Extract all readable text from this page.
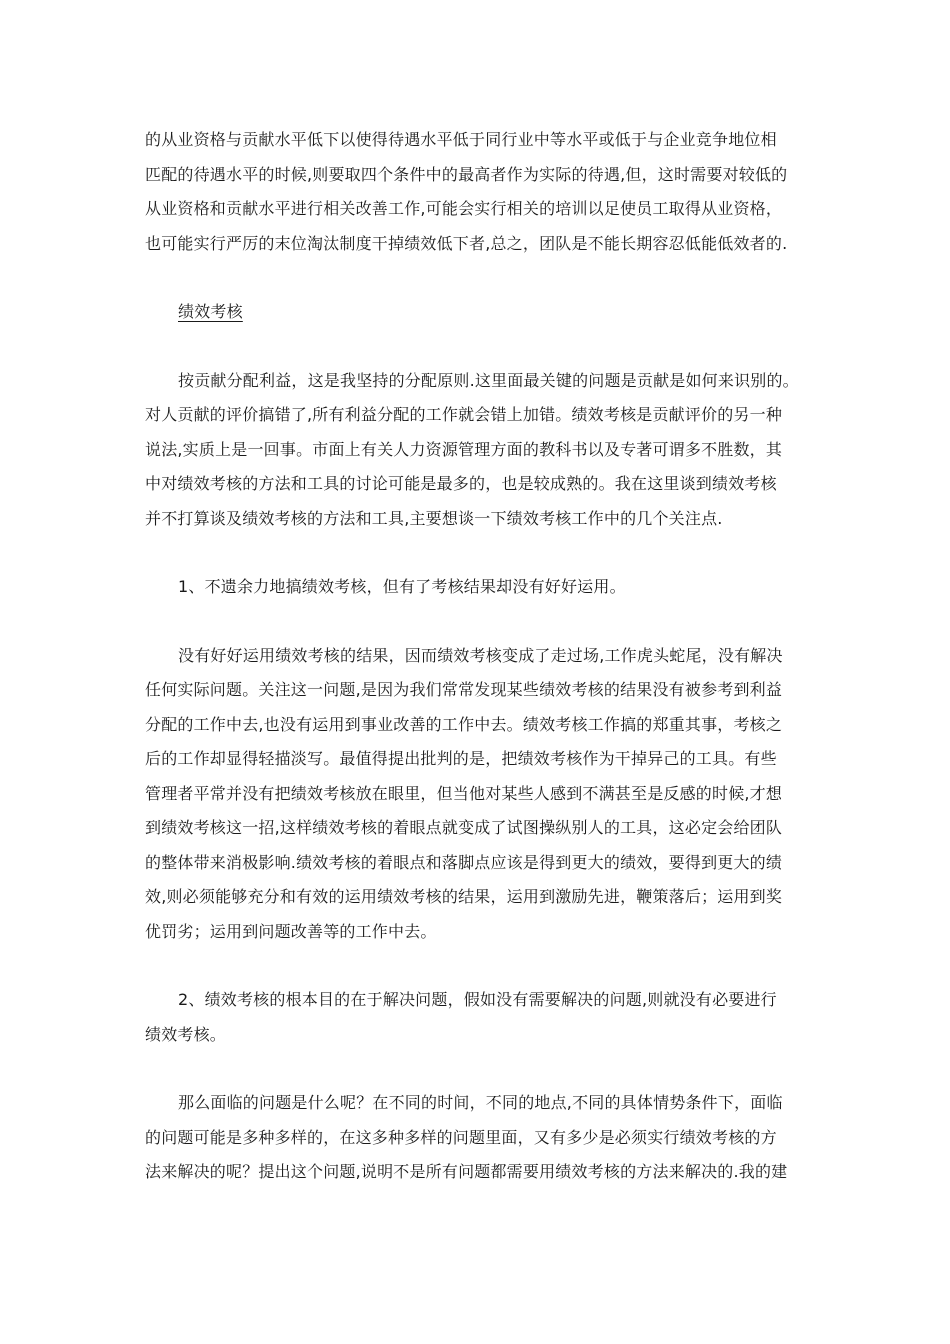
的从业资格与贡献水平低下以使得待遇水平低于同行业中等水平或低于与企业竞争地位相
匹配的待遇水平的时候,则要取四个条件中的最高者作为实际的待遇,但，这时需要对较低的
从业资格和贡献水平进行相关改善工作,可能会实行相关的培训以足使员工取得从业资格，
也可能实行严厉的末位淘汰制度干掉绩效低下者,总之，团队是不能长期容忍低能低效者的.
绩效考核
按贡献分配利益，这是我坚持的分配原则.这里面最关键的问题是贡献是如何来识别的。
对人贡献的评价搞错了,所有利益分配的工作就会错上加错。绩效考核是贡献评价的另一种
说法,实质上是一回事。市面上有关人力资源管理方面的教科书以及专著可谓多不胜数，其
中对绩效考核的方法和工具的讨论可能是最多的，也是较成熟的。我在这里谈到绩效考核
并不打算谈及绩效考核的方法和工具,主要想谈一下绩效考核工作中的几个关注点.
1、不遗余力地搞绩效考核，但有了考核结果却没有好好运用。
没有好好运用绩效考核的结果，因而绩效考核变成了走过场,工作虎头蛇尾，没有解决
任何实际问题。关注这一问题,是因为我们常常发现某些绩效考核的结果没有被参考到利益
分配的工作中去,也没有运用到事业改善的工作中去。绩效考核工作搞的郑重其事，考核之
后的工作却显得轻描淡写。最值得提出批判的是，把绩效考核作为干掉异己的工具。有些
管理者平常并没有把绩效考核放在眼里，但当他对某些人感到不满甚至是反感的时候,才想
到绩效考核这一招,这样绩效考核的着眼点就变成了试图操纵别人的工具，这必定会给团队
的整体带来消极影响.绩效考核的着眼点和落脚点应该是得到更大的绩效，要得到更大的绩
效,则必须能够充分和有效的运用绩效考核的结果，运用到激励先进，鞭策落后；运用到奖
优罚劣；运用到问题改善等的工作中去。
2、绩效考核的根本目的在于解决问题，假如没有需要解决的问题,则就没有必要进行
绩效考核。
那么面临的问题是什么呢？在不同的时间，不同的地点,不同的具体情势条件下，面临
的问题可能是多种多样的，在这多种多样的问题里面，又有多少是必须实行绩效考核的方
法来解决的呢？提出这个问题,说明不是所有问题都需要用绩效考核的方法来解决的.我的建
